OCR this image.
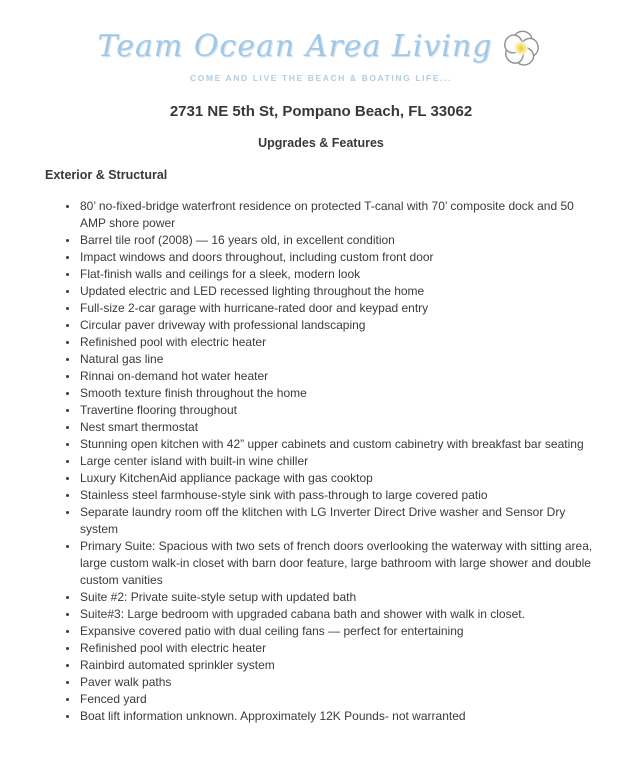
Team Ocean Area Living
COME AND LIVE THE BEACH & BOATING LIFE...
2731 NE 5th St, Pompano Beach, FL 33062
Upgrades & Features
Exterior & Structural
• 80’ no-fixed-bridge waterfront residence on protected T-canal with 70’ composite dock and 50 AMP shore power
• Barrel tile roof (2008) — 16 years old, in excellent condition
• Impact windows and doors throughout, including custom front door
• Flat-finish walls and ceilings for a sleek, modern look
• Updated electric and LED recessed lighting throughout the home
• Full-size 2-car garage with hurricane-rated door and keypad entry
• Circular paver driveway with professional landscaping
• Refinished pool with electric heater
• Natural gas line
• Rinnai on-demand hot water heater
• Smooth texture finish throughout the home
• Travertine flooring throughout
• Nest smart thermostat
• Stunning open kitchen with 42” upper cabinets and custom cabinetry with breakfast bar seating
• Large center island with built-in wine chiller
• Luxury KitchenAid appliance package with gas cooktop
• Stainless steel farmhouse-style sink with pass-through to large covered patio
• Separate laundry room off the klitchen with LG Inverter Direct Drive washer and Sensor Dry system
• Primary Suite: Spacious with two sets of french doors overlooking the waterway with sitting area, large custom walk-in closet with barn door feature, large bathroom with large shower and double custom vanities
• Suite #2: Private suite-style setup with updated bath
• Suite#3: Large bedroom with upgraded cabana bath and shower with walk in closet.
• Expansive covered patio with dual ceiling fans — perfect for entertaining
• Refinished pool with electric heater
• Rainbird automated sprinkler system
• Paver walk paths
• Fenced yard
• Boat lift information unknown. Approximately 12K Pounds- not warranted
